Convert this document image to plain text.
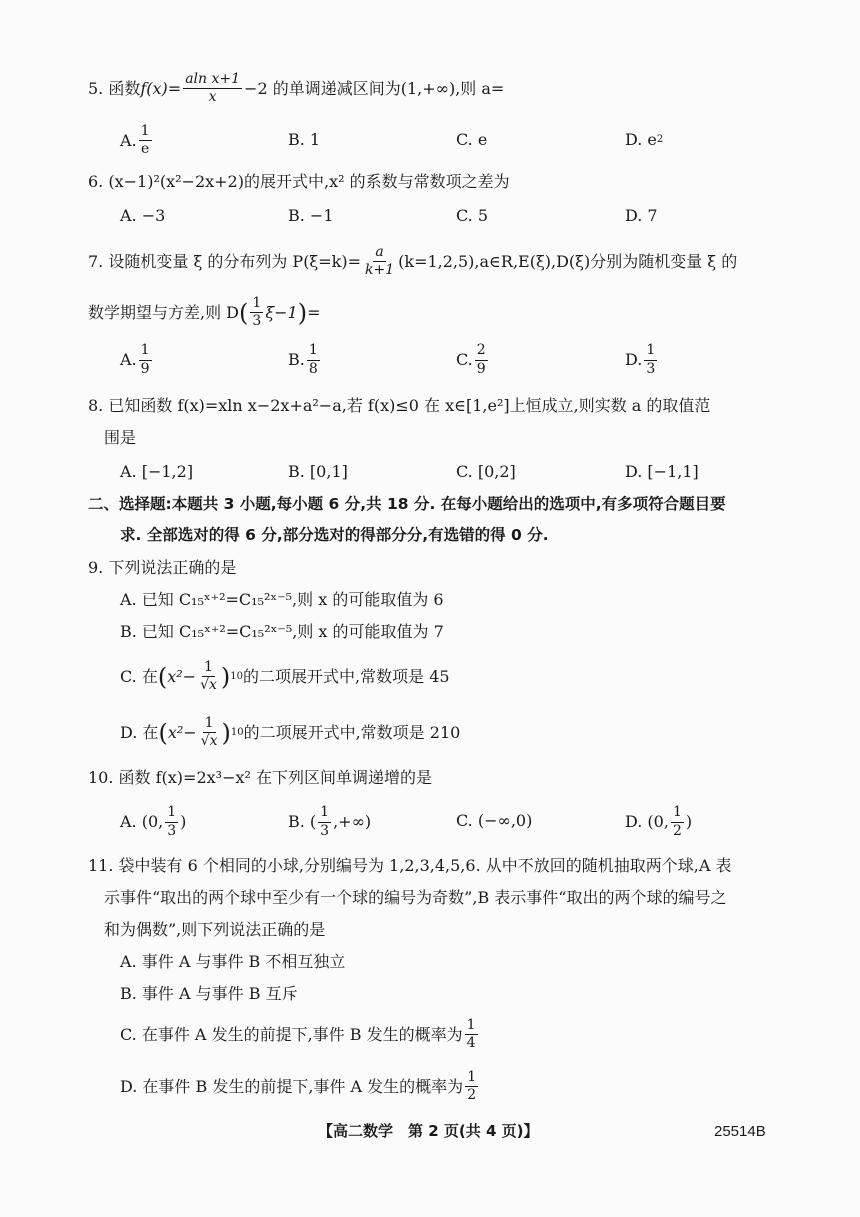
5. 函数 $f(x)= \frac{\text{aln x+1}}{x} -2$ 的单调递减区间为(1,+∞),则 a=
A. $\frac{1}{e}$	B. 1	C. e	D. e 2
6. (x−1)²(x²−2x+2)的展开式中,x² 的系数与常数项之差为
A. −3	B. −1	C. 5	D. 7
7. 设随机变量 ξ 的分布列为 $P(\xi=k)= \frac{a}{k+1}$ (k=1,2,5),a∈R,E(ξ),D(ξ)分别为随机变量 ξ 的
数学期望与方差,则 D ( $\frac{1}{3} \xi-1$ ) =
A. $\frac{1}{9}$	B. $\frac{1}{8}$	C. $\frac{2}{9}$	D. $\frac{1}{3}$
8. 已知函数 f(x)=xln x−2x+a²−a,若 f(x)≤0 在 x∈[1,e²]上恒成立,则实数 a 的取值范
围是
A. [−1,2]	B. [0,1]	C. [0,2]	D. [−1,1]
二、选择题:本题共 3 小题,每小题 6 分,共 18 分. 在每小题给出的选项中,有多项符合题目要
求. 全部选对的得 6 分,部分选对的得部分分,有选错的得 0 分.
9. 下列说法正确的是
A. 已知 C₁₅ˣ⁺²=C₁₅²ˣ⁻⁵,则 x 的可能取值为 6
B. 已知 C₁₅ˣ⁺²=C₁₅²ˣ⁻⁵,则 x 的可能取值为 7
C. 在 ( $x^2- \frac{1}{√x}$ ) 10 的二项展开式中,常数项是 45
D. 在 ( $x^2- \frac{1}{√x}$ ) 10 的二项展开式中,常数项是 210
10. 函数 f(x)=2x³−x² 在下列区间单调递增的是
A. (0, $\frac{1}{3}$ )	B. ( $\frac{1}{3}$ ,+∞)	C. (−∞,0)	D. (0, $\frac{1}{2}$ )
11. 袋中装有 6 个相同的小球,分别编号为 1,2,3,4,5,6. 从中不放回的随机抽取两个球,A 表
示事件“取出的两个球中至少有一个球的编号为奇数”,B 表示事件“取出的两个球的编号之
和为偶数”,则下列说法正确的是
A. 事件 A 与事件 B 不相互独立
B. 事件 A 与事件 B 互斥
C. 在事件 A 发生的前提下,事件 B 发生的概率为 $\frac{1}{4}$
D. 在事件 B 发生的前提下,事件 A 发生的概率为 $\frac{1}{2}$
【高二数学　第 2 页(共 4 页)】	25514B
